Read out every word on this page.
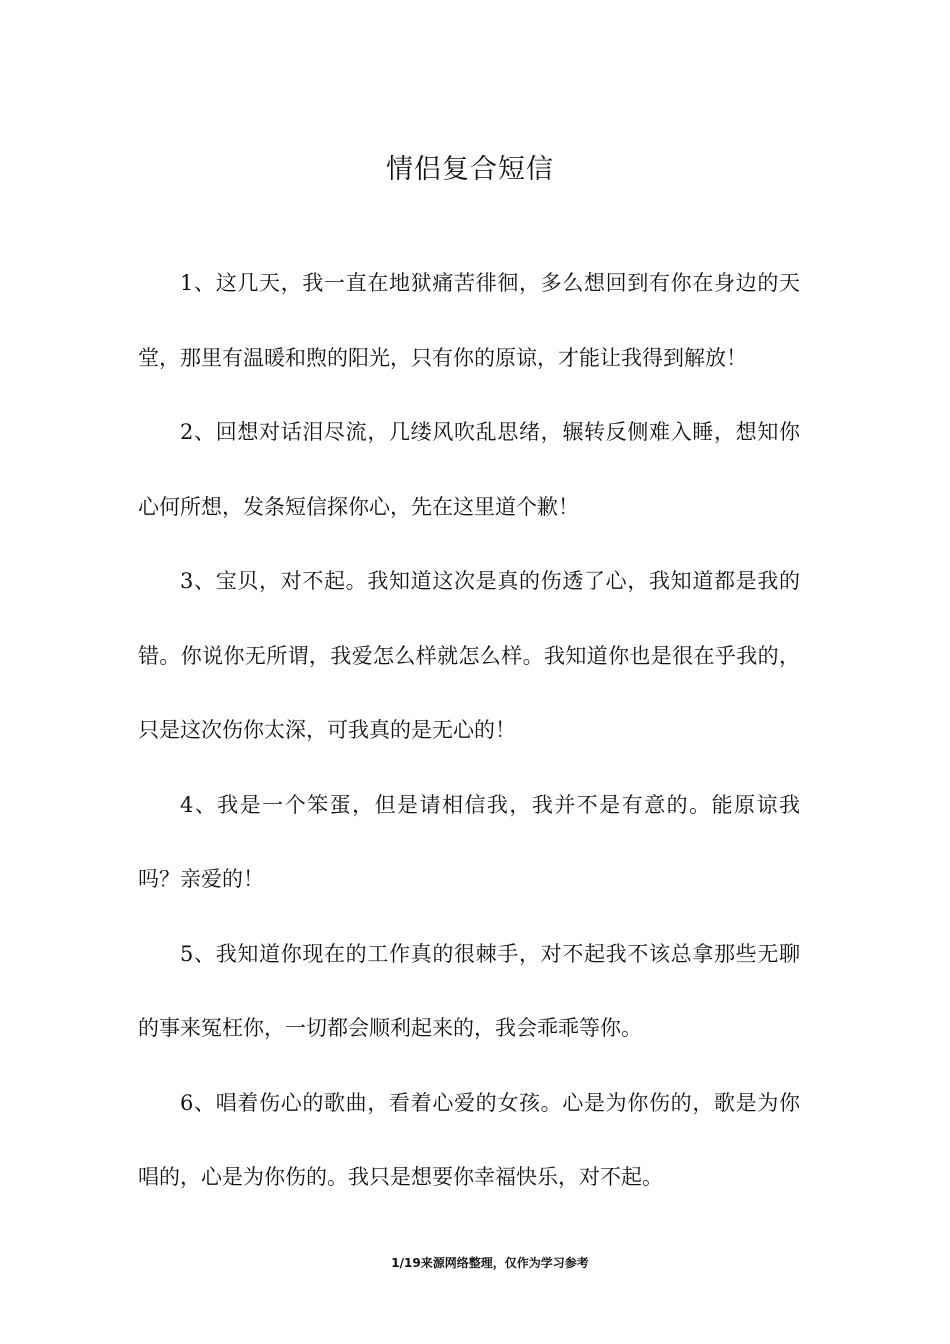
情侣复合短信

1、这几天，我一直在地狱痛苦徘徊，多么想回到有你在身边的天堂，那里有温暖和煦的阳光，只有你的原谅，才能让我得到解放！

2、回想对话泪尽流，几缕风吹乱思绪，辗转反侧难入睡，想知你心何所想，发条短信探你心，先在这里道个歉！

3、宝贝，对不起。我知道这次是真的伤透了心，我知道都是我的错。你说你无所谓，我爱怎么样就怎么样。我知道你也是很在乎我的，只是这次伤你太深，可我真的是无心的！

4、我是一个笨蛋，但是请相信我，我并不是有意的。能原谅我吗？亲爱的！

5、我知道你现在的工作真的很棘手，对不起我不该总拿那些无聊的事来冤枉你，一切都会顺利起来的，我会乖乖等你。

6、唱着伤心的歌曲，看着心爱的女孩。心是为你伤的，歌是为你唱的，心是为你伤的。我只是想要你幸福快乐，对不起。

1/19来源网络整理，仅作为学习参考
